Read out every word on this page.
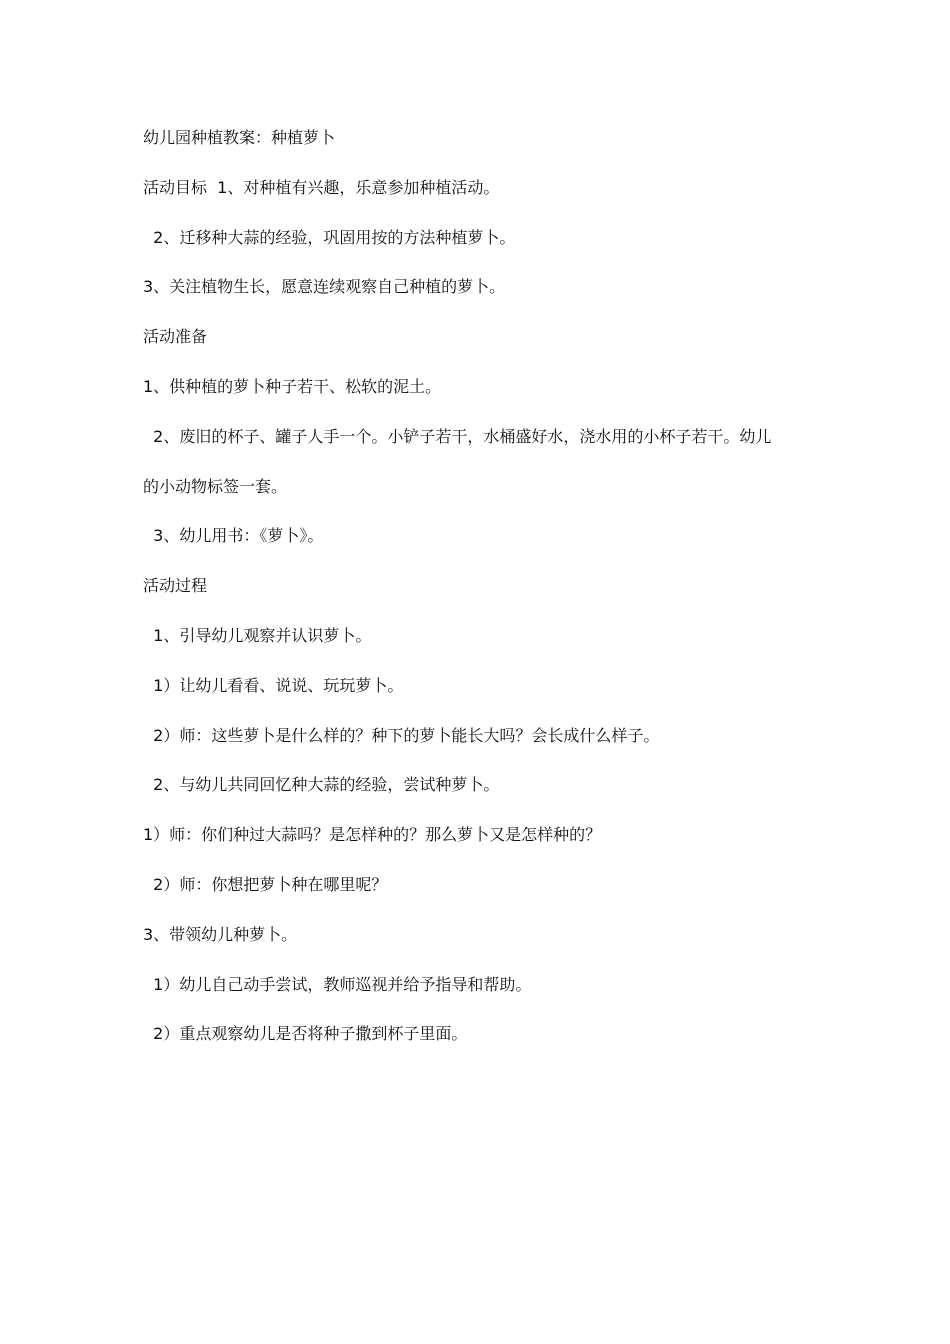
幼儿园种植教案：种植萝卜

活动目标  1、对种植有兴趣，乐意参加种植活动。

2、迁移种大蒜的经验，巩固用按的方法种植萝卜。

3、关注植物生长，愿意连续观察自己种植的萝卜。

活动准备

1、供种植的萝卜种子若干、松软的泥土。

2、废旧的杯子、罐子人手一个。小铲子若干，水桶盛好水，浇水用的小杯子若干。幼儿

的小动物标签一套。

3、幼儿用书：《萝卜》。

活动过程

1、引导幼儿观察并认识萝卜。

1）让幼儿看看、说说、玩玩萝卜。

2）师：这些萝卜是什么样的？种下的萝卜能长大吗？会长成什么样子。

2、与幼儿共同回忆种大蒜的经验，尝试种萝卜。

1）师：你们种过大蒜吗？是怎样种的？那么萝卜又是怎样种的？

2）师：你想把萝卜种在哪里呢？

3、带领幼儿种萝卜。

1）幼儿自己动手尝试，教师巡视并给予指导和帮助。

2）重点观察幼儿是否将种子撒到杯子里面。
